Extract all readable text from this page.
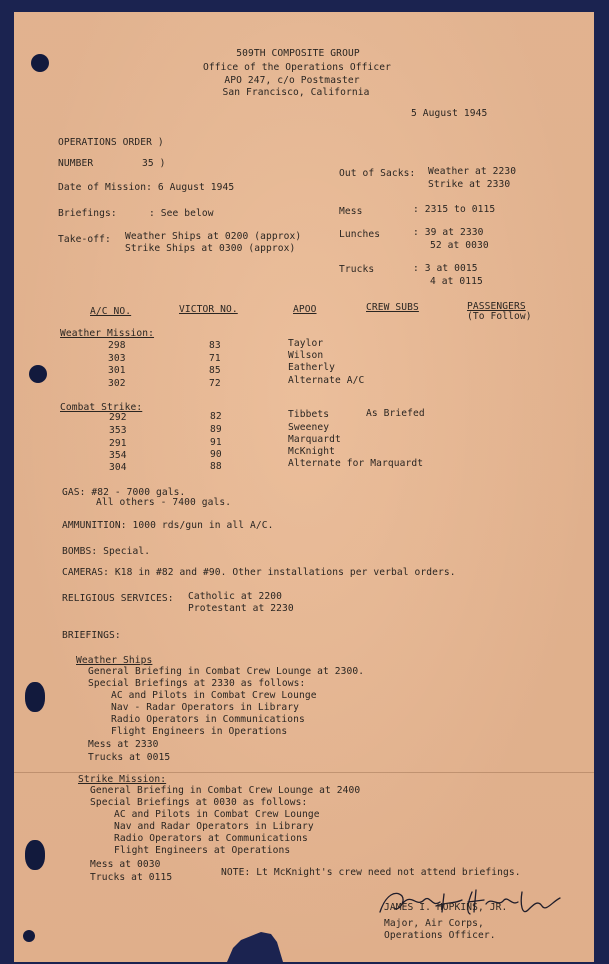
509TH COMPOSITE GROUP
Office of the Operations Officer
APO 247, c/o Postmaster
San Francisco, California
5 August 1945
OPERATIONS ORDER )
NUMBER	35 )
Date of Mission: 6 August 1945
Briefings:	: See below
Take-off: Weather Ships at 0200 (approx)
Strike Ships at 0300 (approx)
Out of Sacks: Weather at 2230
Strike at 2330
Mess	: 2315 to 0115
Lunches	: 39 at 2330
52 at 0030
Trucks	: 3 at 0015
4 at 0115
A/C NO.	VICTOR NO.	APOO	CREW SUBS	PASSENGERS
(To Follow)
Weather Mission:
298	83	Taylor
303	71	Wilson
301	85	Eatherly
302	72	Alternate A/C
Combat Strike:
292	82	Tibbets	As Briefed
353	89	Sweeney
291	91	Marquardt
354	90	McKnight
304	88	Alternate for Marquardt
GAS: #82 - 7000 gals.
All others - 7400 gals.
AMMUNITION: 1000 rds/gun in all A/C.
BOMBS: Special.
CAMERAS: K18 in #82 and #90. Other installations per verbal orders.
RELIGIOUS SERVICES: Catholic at 2200
Protestant at 2230
BRIEFINGS:
Weather Ships
General Briefing in Combat Crew Lounge at 2300.
Special Briefings at 2330 as follows:
AC and Pilots in Combat Crew Lounge
Nav - Radar Operators in Library
Radio Operators in Communications
Flight Engineers in Operations
Mess at 2330
Trucks at 0015
Strike Mission:
General Briefing in Combat Crew Lounge at 2400
Special Briefings at 0030 as follows:
AC and Pilots in Combat Crew Lounge
Nav and Radar Operators in Library
Radio Operators at Communications
Flight Engineers at Operations
Mess at 0030
Trucks at 0115	NOTE: Lt McKnight's crew need not attend briefings.
JAMES I. HOPKINS, JR.
Major, Air Corps,
Operations Officer.
